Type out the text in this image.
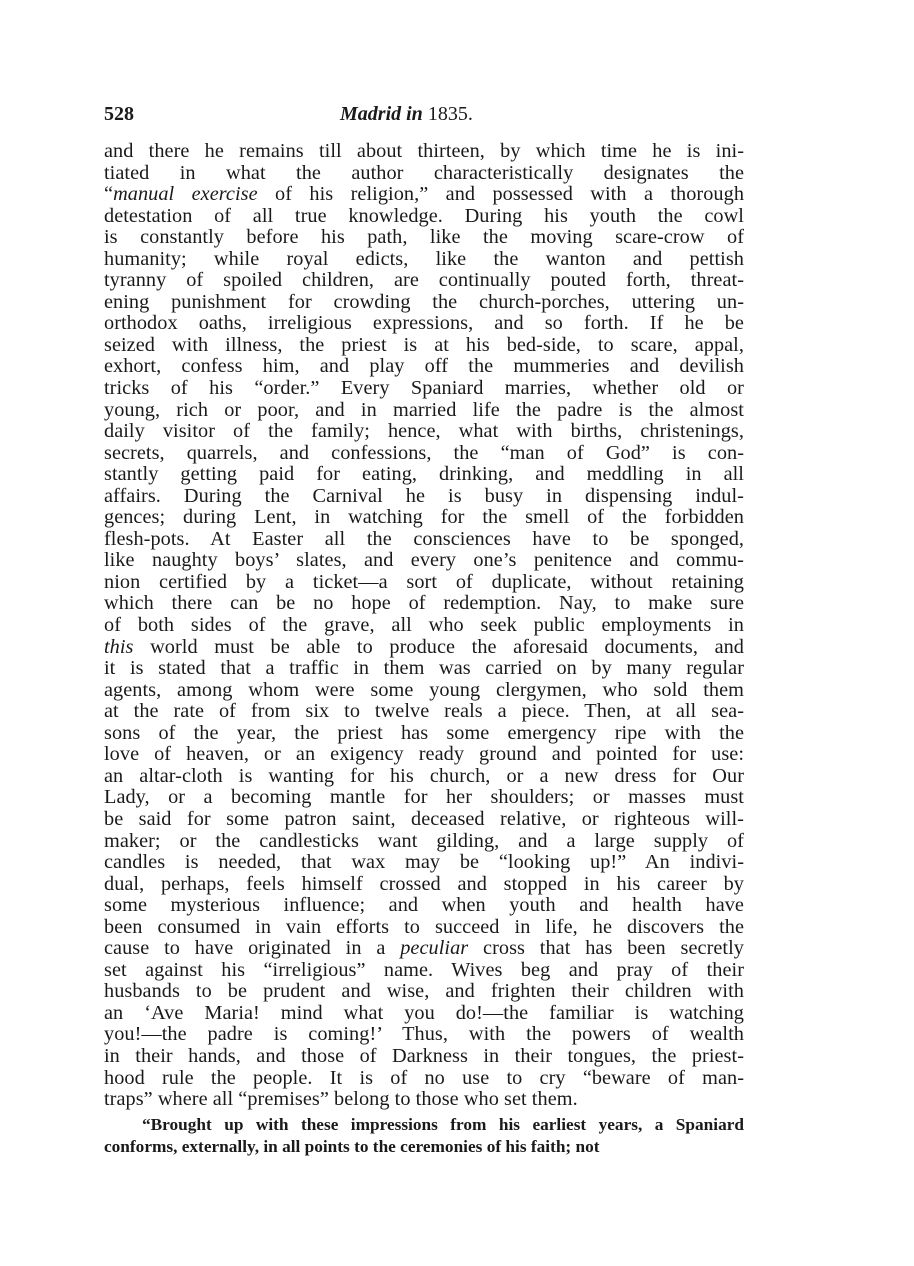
528	Madrid in 1835.
and there he remains till about thirteen, by which time he is ini-
tiated in what the author characteristically designates the
“manual exercise of his religion,” and possessed with a thorough
detestation of all true knowledge. During his youth the cowl
is constantly before his path, like the moving scare-crow of
humanity; while royal edicts, like the wanton and pettish
tyranny of spoiled children, are continually pouted forth, threat-
ening punishment for crowding the church-porches, uttering un-
orthodox oaths, irreligious expressions, and so forth. If he be
seized with illness, the priest is at his bed-side, to scare, appal,
exhort, confess him, and play off the mummeries and devilish
tricks of his “order.” Every Spaniard marries, whether old or
young, rich or poor, and in married life the padre is the almost
daily visitor of the family; hence, what with births, christenings,
secrets, quarrels, and confessions, the “man of God” is con-
stantly getting paid for eating, drinking, and meddling in all
affairs. During the Carnival he is busy in dispensing indul-
gences; during Lent, in watching for the smell of the forbidden
flesh-pots. At Easter all the consciences have to be sponged,
like naughty boys’ slates, and every one’s penitence and commu-
nion certified by a ticket—a sort of duplicate, without retaining
which there can be no hope of redemption. Nay, to make sure
of both sides of the grave, all who seek public employments in
this world must be able to produce the aforesaid documents, and
it is stated that a traffic in them was carried on by many regular
agents, among whom were some young clergymen, who sold them
at the rate of from six to twelve reals a piece. Then, at all sea-
sons of the year, the priest has some emergency ripe with the
love of heaven, or an exigency ready ground and pointed for use:
an altar-cloth is wanting for his church, or a new dress for Our
Lady, or a becoming mantle for her shoulders; or masses must
be said for some patron saint, deceased relative, or righteous will-
maker; or the candlesticks want gilding, and a large supply of
candles is needed, that wax may be “looking up!” An indivi-
dual, perhaps, feels himself crossed and stopped in his career by
some mysterious influence; and when youth and health have
been consumed in vain efforts to succeed in life, he discovers the
cause to have originated in a peculiar cross that has been secretly
set against his “irreligious” name. Wives beg and pray of their
husbands to be prudent and wise, and frighten their children with
an ‘Ave Maria! mind what you do!—the familiar is watching
you!—the padre is coming!’ Thus, with the powers of wealth
in their hands, and those of Darkness in their tongues, the priest-
hood rule the people. It is of no use to cry “beware of man-
traps” where all “premises” belong to those who set them.
“Brought up with these impressions from his earliest years, a Spaniard
conforms, externally, in all points to the ceremonies of his faith; not
